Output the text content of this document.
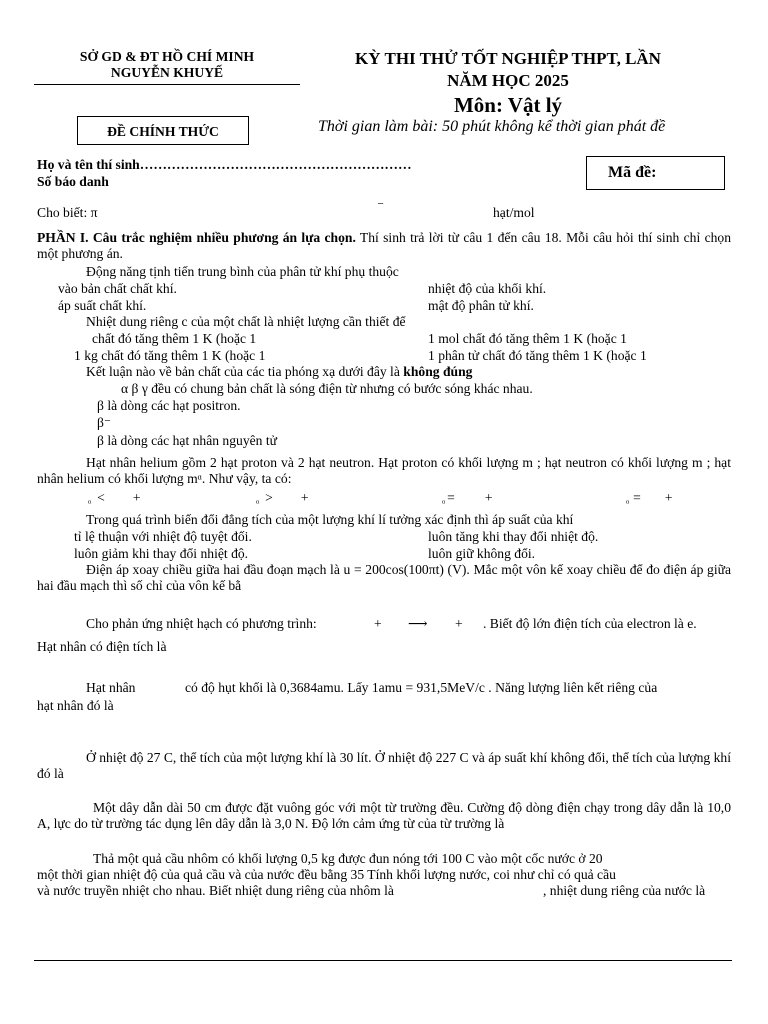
SỞ GD & ĐT HỒ CHÍ MINH
NGUYỄN KHUYẾ
KỲ THI THỬ TỐT NGHIỆP THPT, LẦN
NĂM HỌC 2025
Môn: Vật lý
Thời gian làm bài: 50 phút không kể thời gian phát đề
ĐỀ CHÍNH THỨC
Họ và tên thí sinh……………………………………………………
Số báo danh
Mã đề:
Cho biết: π	⁻	hạt/mol
PHẦN I. Câu trắc nghiệm nhiều phương án lựa chọn. Thí sinh trả lời từ câu 1 đến câu 18. Mỗi câu hỏi thí sinh chỉ chọn một phương án.
Động năng tịnh tiến trung bình của phân tử khí phụ thuộc
vào bản chất chất khí.	nhiệt độ của khối khí.
áp suất chất khí.	mật độ phân tử khí.
Nhiệt dung riêng c của một chất là nhiệt lượng cần thiết để
chất đó tăng thêm 1 K (hoặc 1	1 mol chất đó tăng thêm 1 K (hoặc 1
1 kg chất đó tăng thêm 1 K (hoặc 1	1 phân tử chất đó tăng thêm 1 K (hoặc 1
Kết luận nào về bản chất của các tia phóng xạ dưới đây là không đúng
α β γ đều có chung bản chất là sóng điện từ nhưng có bước sóng khác nhau.
β là dòng các hạt positron.
β⁻
β là dòng các hạt nhân nguyên tử
Hạt nhân helium gồm 2 hạt proton và 2 hạt neutron. Hạt proton có khối lượng m ; hạt neutron có khối lượng m ; hạt nhân helium có khối lượng mᵅ. Như vậy, ta có:
$_ᵅ$ < +	$_ᵅ$ > +	$_ᵅ$ = +	$_ᵅ$ = +
Trong quá trình biến đổi đẳng tích của một lượng khí lí tưởng xác định thì áp suất của khí
tỉ lệ thuận với nhiệt độ tuyệt đối.	luôn tăng khi thay đổi nhiệt độ.
luôn giảm khi thay đổi nhiệt độ.	luôn giữ không đổi.
Điện áp xoay chiều giữa hai đầu đoạn mạch là u = 200cos(100πt) (V). Mắc một vôn kế xoay chiều để đo điện áp giữa hai đầu mạch thì số chỉ của vôn kế bằ
Cho phản ứng nhiệt hạch có phương trình:	+ ⟶ + . Biết độ lớn điện tích của electron là e.
Hạt nhân có điện tích là
Hạt nhân	có độ hụt khối là 0,3684amu. Lấy 1amu = 931,5MeV/c . Năng lượng liên kết riêng của
hạt nhân đó là
Ở nhiệt độ 27 C, thể tích của một lượng khí là 30 lít. Ở nhiệt độ 227 C và áp suất khí không đổi, thể tích của lượng khí đó là
Một dây dẫn dài 50 cm được đặt vuông góc với một từ trường đều. Cường độ dòng điện chạy trong dây dẫn là 10,0 A, lực do từ trường tác dụng lên dây dẫn là 3,0 N. Độ lớn cảm ứng từ của từ trường là
Thả một quả cầu nhôm có khối lượng 0,5 kg được đun nóng tới 100 C vào một cốc nước ở 20
một thời gian nhiệt độ của quả cầu và của nước đều bằng 35 Tính khối lượng nước, coi như chỉ có quả cầu
và nước truyền nhiệt cho nhau. Biết nhiệt dung riêng của nhôm là	, nhiệt dung riêng của nước là
